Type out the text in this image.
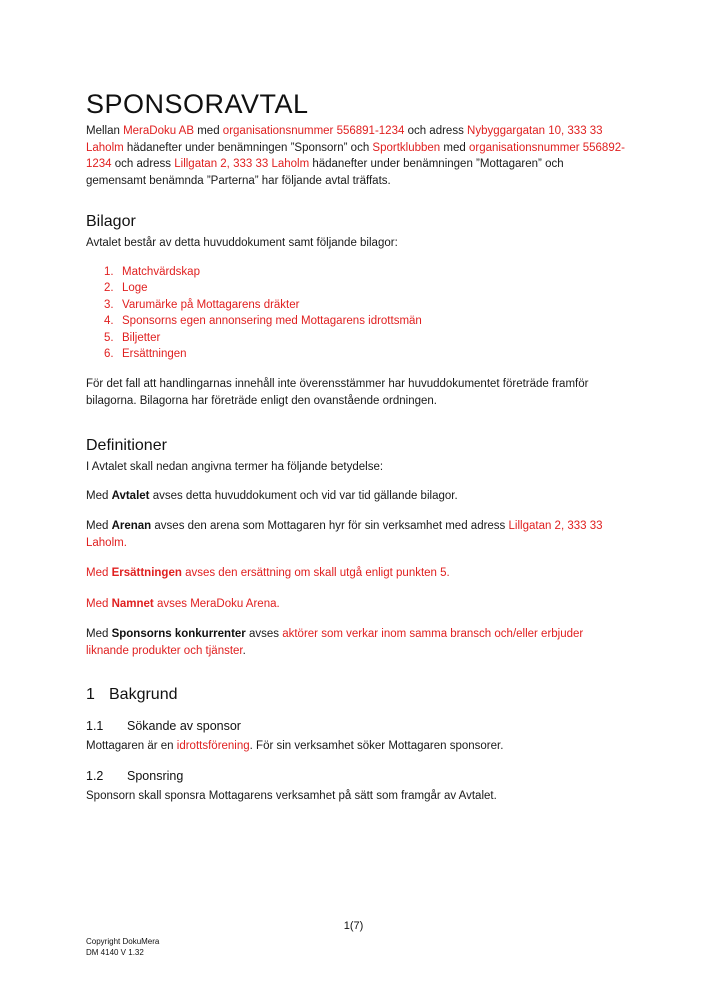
SPONSORAVTAL

Mellan MeraDoku AB med organisationsnummer 556891-1234 och adress Nybyggargatan 10, 333 33 Laholm hädanefter under benämningen ”Sponsorn” och Sportklubben med organisationsnummer 556892-1234 och adress Lillgatan 2, 333 33 Laholm hädanefter under benämningen ”Mottagaren” och gemensamt benämnda ”Parterna” har följande avtal träffats.

Bilagor

Avtalet består av detta huvuddokument samt följande bilagor:

1. Matchvärdskap
2. Loge
3. Varumärke på Mottagarens dräkter
4. Sponsorns egen annonsering med Mottagarens idrottsmän
5. Biljetter
6. Ersättningen

För det fall att handlingarnas innehåll inte överensstämmer har huvuddokumentet företräde framför bilagorna. Bilagorna har företräde enligt den ovanstående ordningen.

Definitioner

I Avtalet skall nedan angivna termer ha följande betydelse:

Med Avtalet avses detta huvuddokument och vid var tid gällande bilagor.

Med Arenan avses den arena som Mottagaren hyr för sin verksamhet med adress Lillgatan 2, 333 33 Laholm.

Med Ersättningen avses den ersättning om skall utgå enligt punkten 5.

Med Namnet avses MeraDoku Arena.

Med Sponsorns konkurrenter avses aktörer som verkar inom samma bransch och/eller erbjuder liknande produkter och tjänster.

1 Bakgrund
1.1 Sökande av sponsor

Mottagaren är en idrottsförening. För sin verksamhet söker Mottagaren sponsorer.

1.2 Sponsring

Sponsorn skall sponsra Mottagarens verksamhet på sätt som framgår av Avtalet.

1(7)
Copyright DokuMera
DM 4140 V 1.32
